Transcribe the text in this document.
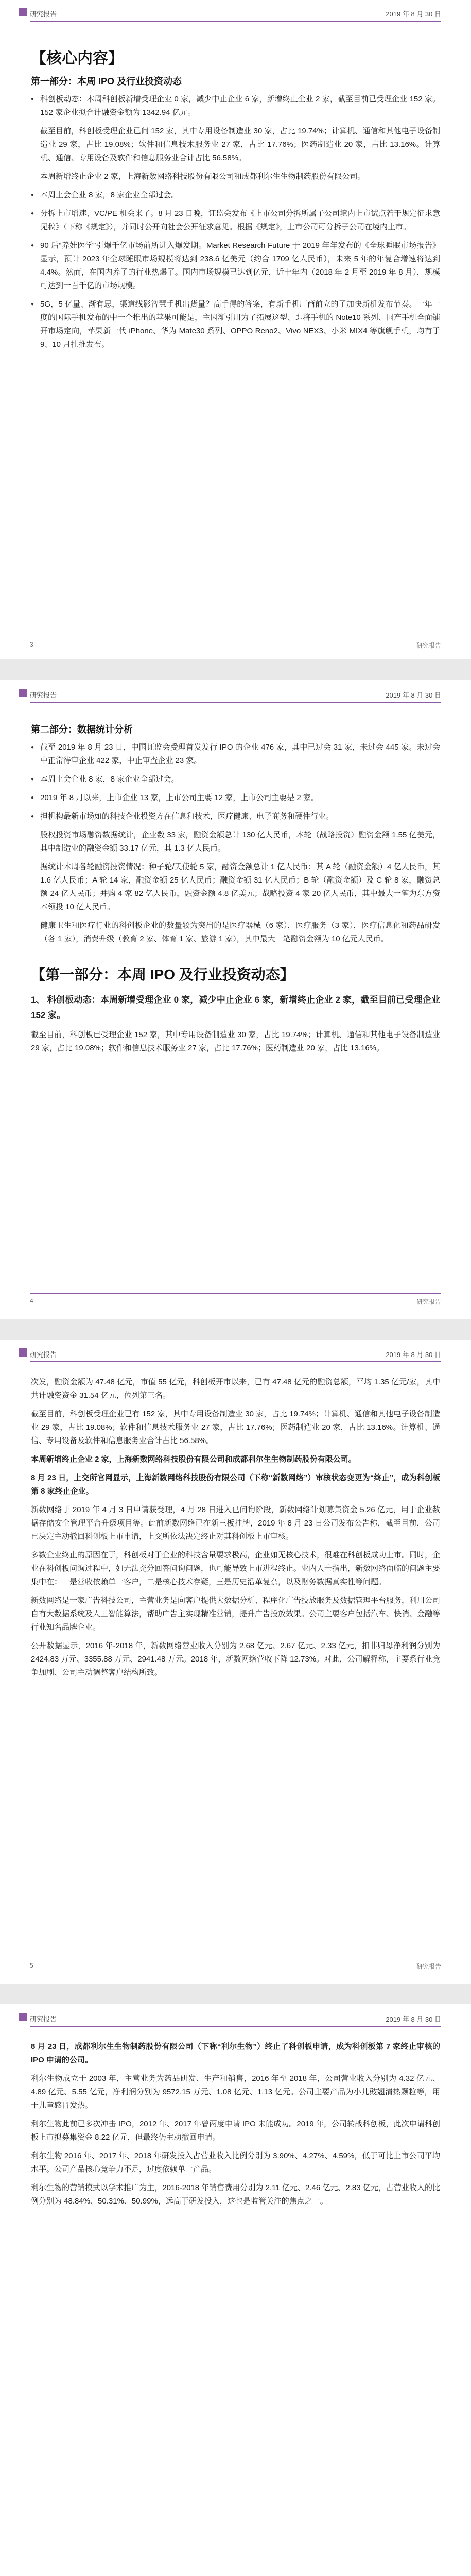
研究报告	2019 年 8 月 30 日
【核心内容】
第一部分：本周 IPO 及行业投资动态

● 科创板动态：本周科创板新增受理企业 0 家，减少中止企业 6 家，新增终止企业 2 家，截至目前已受理企业 152 家。152 家企业拟合计融资金额为 1342.94 亿元。

截至目前，科创板受理企业已问 152 家，其中专用设备制造业 30 家，占比 19.74%；计算机、通信和其他电子设备制造业 29 家，占比 19.08%；软件和信息技术服务业 27 家，占比 17.76%；医药制造业 20 家，占比 13.16%。计算机、通信、专用设备及软件和信息服务业合计占比 56.58%。

本周新增终止企业 2 家，上海新数网络科技股份有限公司和成都利尔生生物制药股份有限公司。

● 本周上会企业 8 家，8 家企业全部过会。

● 分拆上市增速、VC/PE 机会来了。8 月 23 日晚，证监会发布《上市公司分拆所属子公司境内上市试点若干规定征求意见稿》（下称《规定》），并同时公开向社会公开征求意见。根据《规定》，上市公司可分拆子公司在境内上市。

● 90 后“养娃医学”引爆千亿市场前所进入爆发期。Market Research Future 于 2019 年年发布的《全球睡眠市场报告》显示，预计 2023 年全球睡眠市场规模将达到 238.6 亿美元（约合 1709 亿人民币），未来 5 年的年复合增速将达到 4.4%。然而，在国内养了的行业热爆了。国内市场规模已达到亿元，近十年内（2018 年 2 月至 2019 年 8 月），规模可达到一百千亿的市场规模。

● 5G，5 亿量、渐有思，渠道线影智慧手机出货量？高手得的答案，有新手机厂商前立的了加快新机发布节奏。一年一度的国际手机发布的中一个推出的苹果可能是，主因渐引用为了拓展这型、即将手机的 Note10 系列、国产手机全面铺开市场定向，苹果新一代 iPhone、华为 Mate30 系列、OPPO Reno2、Vivo NEX3、小米 MIX4 等旗舰手机，均有于 9、10 月扎推发布。

研究报告
3
研究报告	2019 年 8 月 30 日
第二部分：数据统计分析

● 截至 2019 年 8 月 23 日，中国证监会受理首发发行 IPO 的企业 476 家，其中已过会 31 家，未过会 445 家。未过会中正常待审企业 422 家，中止审查企业 23 家。

● 本周上会企业 8 家，8 家企业全部过会。

● 2019 年 8 月以来，上市企业 13 家，上市公司主要 12 家，上市公司主要是 2 家。

● 担机构最新市场如的科技企业投资方在信息和技术，医疗健康、电子商务和硬件行业。

股权投资市场融资数据统计，企业数 33 家，融资金额总计 130 亿人民币，本轮（战略投资）融资金额 1.55 亿美元，其中制造业的融资金额 33.17 亿元，其 1.3 亿人民币。

据统计本周各轮融资投资情况：种子轮/天使轮 5 家，融资金额总计 1 亿人民币；其 A 轮（融资金额）4 亿人民币，其 1.6 亿人民币；A 轮 14 家，融资金额 25 亿人民币；融资金额 31 亿人民币；B 轮（融资金额）及 C 轮 8 家，融资总额 24 亿人民币；并购 4 家 82 亿人民币，融资金额 4.8 亿美元；战略投资 4 家 20 亿人民币，其中最大一笔为东方资本领投 10 亿人民币。

健康卫生和医疗行业的科创板企业的数量较为突出的是医疗器械（6 家），医疗服务（3 家），医疗信息化和药品研发（各 1 家），消费升级（教育 2 家、体育 1 家、旅游 1 家），其中最大一笔融资金额为 10 亿元人民币。

【第一部分：本周 IPO 及行业投资动态】

1、 科创板动态：本周新增受理企业 0 家，减少中止企业 6 家，新增终止企业 2 家，截至目前已受理企业 152 家。

截至目前，科创板已受理企业 152 家，其中专用设备制造业 30 家，占比 19.74%；计算机、通信和其他电子设备制造业 29 家，占比 19.08%；软件和信息技术服务业 27 家，占比 17.76%；医药制造业 20 家，占比 13.16%。

研究报告
4
研究报告	2019 年 8 月 30 日

次发，融资金额为 47.48 亿元，市值 55 亿元，科创板开市以来，已有 47.48 亿元的融资总额，平均 1.35 亿元/家，其中共计融资资金 31.54 亿元，位列第三名。

截至目前，科创板受理企业已有 152 家，其中专用设备制造业 30 家，占比 19.74%；计算机、通信和其他电子设备制造业 29 家，占比 19.08%；软件和信息技术服务业 27 家，占比 17.76%；医药制造业 20 家，占比 13.16%。计算机、通信、专用设备及软件和信息服务业合计占比 56.58%。

本周新增终止企业 2 家，上海新数网络科技股份有限公司和成都利尔生生物制药股份有限公司。

8 月 23 日，上交所官网显示，上海新数网络科技股份有限公司（下称“新数网络”）审核状态变更为“终止”，成为科创板第 8 家终止企业。

新数网络于 2019 年 4 月 3 日申请获受理，4 月 28 日进入已问询阶段，新数网络计划募集资金 5.26 亿元，用于企业数据存储安全管理平台升级项目等。此前新数网络已在新三板挂牌，2019 年 8 月 23 日公司发布公告称，截至目前，公司已决定主动撤回科创板上市申请，上交所依法决定终止对其科创板上市审核。

多数企业终止的原因在于，科创板对于企业的科技含量要求极高，企业如无核心技术，很难在科创板成功上市。同时，企业在科创板问询过程中，如无法充分回答问询问题，也可能导致上市进程终止。业内人士指出，新数网络面临的问题主要集中在：一是营收依赖单一客户，二是核心技术存疑，三是历史沿革复杂，以及财务数据真实性等问题。

新数网络是一家广告科技公司，主营业务是向客户提供大数据分析、程序化广告投放服务及数据管理平台服务，利用公司自有大数据系统及人工智能算法，帮助广告主实现精准营销，提升广告投放效果。公司主要客户包括汽车、快消、金融等行业知名品牌企业。

公开数据显示，2016 年-2018 年，新数网络营业收入分别为 2.68 亿元、2.67 亿元、2.33 亿元，扣非归母净利润分别为 2424.83 万元、3355.88 万元、2941.48 万元。2018 年，新数网络营收下降 12.73%。对此，公司解释称，主要系行业竞争加剧、公司主动调整客户结构所致。

研究报告
5
研究报告	2019 年 8 月 30 日

8 月 23 日，成都利尔生生物制药股份有限公司（下称“利尔生物”）终止了科创板申请，成为科创板第 7 家终止审核的 IPO 申请的公司。

利尔生物成立于 2003 年，主营业务为药品研发、生产和销售，2016 年至 2018 年，公司营业收入分别为 4.32 亿元、4.89 亿元、5.55 亿元，净利润分别为 9572.15 万元、1.08 亿元、1.13 亿元。公司主要产品为小儿豉翘清热颗粒等，用于儿童感冒发热。

利尔生物此前已多次冲击 IPO，2012 年、2017 年曾两度申请 IPO 未能成功。2019 年，公司转战科创板，此次申请科创板上市拟募集资金 8.22 亿元，但最终仍主动撤回申请。

利尔生物 2016 年、2017 年、2018 年研发投入占营业收入比例分别为 3.90%、4.27%、4.59%，低于可比上市公司平均水平。公司产品核心竞争力不足，过度依赖单一产品。

利尔生物的营销模式以学术推广为主，2016-2018 年销售费用分别为 2.11 亿元、2.46 亿元、2.83 亿元，占营业收入的比例分别为 48.84%、50.31%、50.99%，远高于研发投入，这也是监管关注的焦点之一。
